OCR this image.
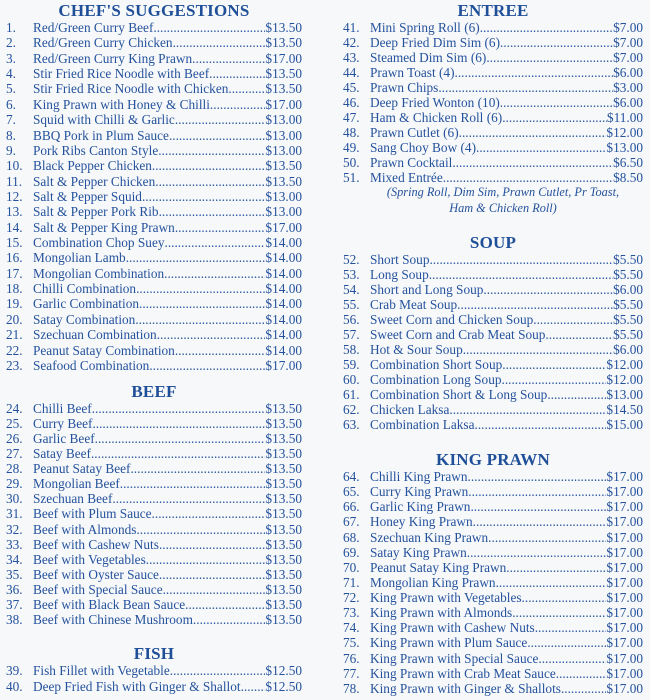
CHEF'S SUGGESTIONS
1.	Red/Green Curry Beef .....	$13.50
2.	Red/Green Curry Chicken .....	$13.50
3.	Red/Green Curry King Prawn .....	$17.00
4.	Stir Fried Rice Noodle with Beef .....	$13.50
5.	Stir Fried Rice Noodle with Chicken .....	$13.50
6.	King Prawn with Honey & Chilli .....	$17.00
7.	Squid with Chilli & Garlic .....	$13.00
8.	BBQ Pork in Plum Sauce .....	$13.00
9.	Pork Ribs Canton Style .....	$13.00
10. Black Pepper Chicken .....	$13.50
11. Salt & Pepper Chicken .....	$13.50
12. Salt & Pepper Squid .....	$13.00
13. Salt & Pepper Pork Rib .....	$13.00
14. Salt & Pepper King Prawn .....	$17.00
15. Combination Chop Suey .....	$14.00
16. Mongolian Lamb .....	$14.00
17. Mongolian Combination .....	$14.00
18. Chilli Combination .....	$14.00
19. Garlic Combination .....	$14.00
20. Satay Combination .....	$14.00
21. Szechuan Combination .....	$14.00
22. Peanut Satay Combination .....	$14.00
23. Seafood Combination .....	$17.00
BEEF
24. Chilli Beef .....	$13.50
25. Curry Beef .....	$13.50
26. Garlic Beef .....	$13.50
27. Satay Beef .....	$13.50
28. Peanut Satay Beef .....	$13.50
29. Mongolian Beef .....	$13.50
30. Szechuan Beef .....	$13.50
31. Beef with Plum Sauce .....	$13.50
32. Beef with Almonds .....	$13.50
33. Beef with Cashew Nuts .....	$13.50
34. Beef with Vegetables .....	$13.50
35. Beef with Oyster Sauce .....	$13.50
36. Beef with Special Sauce .....	$13.50
37. Beef with Black Bean Sauce .....	$13.50
38. Beef with Chinese Mushroom .....	$13.50
FISH
39. Fish Fillet with Vegetable .....	$12.50
40. Deep Fried Fish with Ginger & Shallot ..... $12.50
ENTREE
41. Mini Spring Roll (6) .....	$7.00
42. Deep Fried Dim Sim (6) .....	$7.00
43. Steamed Dim Sim (6) .....	$7.00
44. Prawn Toast (4) .....	$6.00
45. Prawn Chips .....	$3.00
46. Deep Fried Wonton (10) .....	$6.00
47. Ham & Chicken Roll (6) .....	$11.00
48. Prawn Cutlet (6) .....	$12.00
49. Sang Choy Bow (4) .....	$13.00
50. Prawn Cocktail .....	$6.50
51. Mixed Entrée .....	$8.50
(Spring Roll, Dim Sim, Prawn Cutlet, Pr Toast,
Ham & Chicken Roll)
SOUP
52. Short Soup .....	$5.50
53. Long Soup .....	$5.50
54. Short and Long Soup .....	$6.00
55. Crab Meat Soup .....	$5.50
56. Sweet Corn and Chicken Soup .....	$5.50
57. Sweet Corn and Crab Meat Soup .....	$5.50
58. Hot & Sour Soup .....	$6.00
59. Combination Short Soup .....	$12.00
60. Combination Long Soup .....	$12.00
61. Combination Short & Long Soup .....	$13.00
62. Chicken Laksa .....	$14.50
63. Combination Laksa .....	$15.00
KING PRAWN
64. Chilli King Prawn .....	$17.00
65. Curry King Prawn .....	$17.00
66. Garlic King Prawn .....	$17.00
67. Honey King Prawn .....	$17.00
68. Szechuan King Prawn .....	$17.00
69. Satay King Prawn .....	$17.00
70. Peanut Satay King Prawn .....	$17.00
71. Mongolian King Prawn .....	$17.00
72. King Prawn with Vegetables .....	$17.00
73. King Prawn with Almonds .....	$17.00
74. King Prawn with Cashew Nuts .....	$17.00
75. King Prawn with Plum Sauce .....	$17.00
76. King Prawn with Special Sauce .....	$17.00
77. King Prawn with Crab Meat Sauce .....	$17.00
78. King Prawn with Ginger & Shallots .....	$17.00
